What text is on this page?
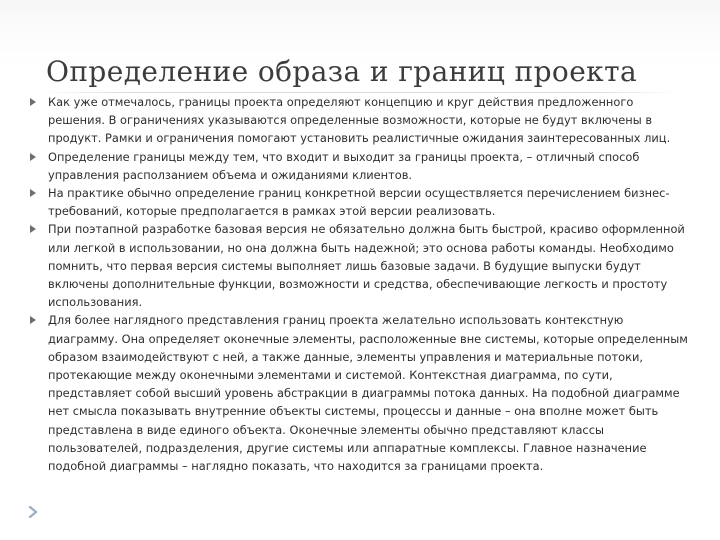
Определение образа и границ проекта
Как уже отмечалось, границы проекта определяют концепцию и круг действия предложенного решения. В ограничениях указываются определенные возможности, которые не будут включены в продукт. Рамки и ограничения помогают установить реалистичные ожидания заинтересованных лиц.
Определение границы между тем, что входит и выходит за границы проекта, – отличный способ управления расползанием объема и ожиданиями клиентов.
На практике обычно определение границ конкретной версии осуществляется перечислением бизнес-требований, которые предполагается в рамках этой версии реализовать.
При поэтапной разработке базовая версия не обязательно должна быть быстрой, красиво оформленной или легкой в использовании, но она должна быть надежной; это основа работы команды. Необходимо помнить, что первая версия системы выполняет лишь базовые задачи. В будущие выпуски будут включены дополнительные функции, возможности и средства, обеспечивающие легкость и простоту использования.
Для более наглядного представления границ проекта желательно использовать контекстную диаграмму. Она определяет оконечные элементы, расположенные вне системы, которые определенным образом взаимодействуют с ней, а также данные, элементы управления и материальные потоки, протекающие между оконечными элементами и системой. Контекстная диаграмма, по сути, представляет собой высший уровень абстракции в диаграммы потока данных. На подобной диаграмме нет смысла показывать внутренние объекты системы, процессы и данные – она вполне может быть представлена в виде единого объекта. Оконечные элементы обычно представляют классы пользователей, подразделения, другие системы или аппаратные комплексы. Главное назначение подобной диаграммы – наглядно показать, что находится за границами проекта.
